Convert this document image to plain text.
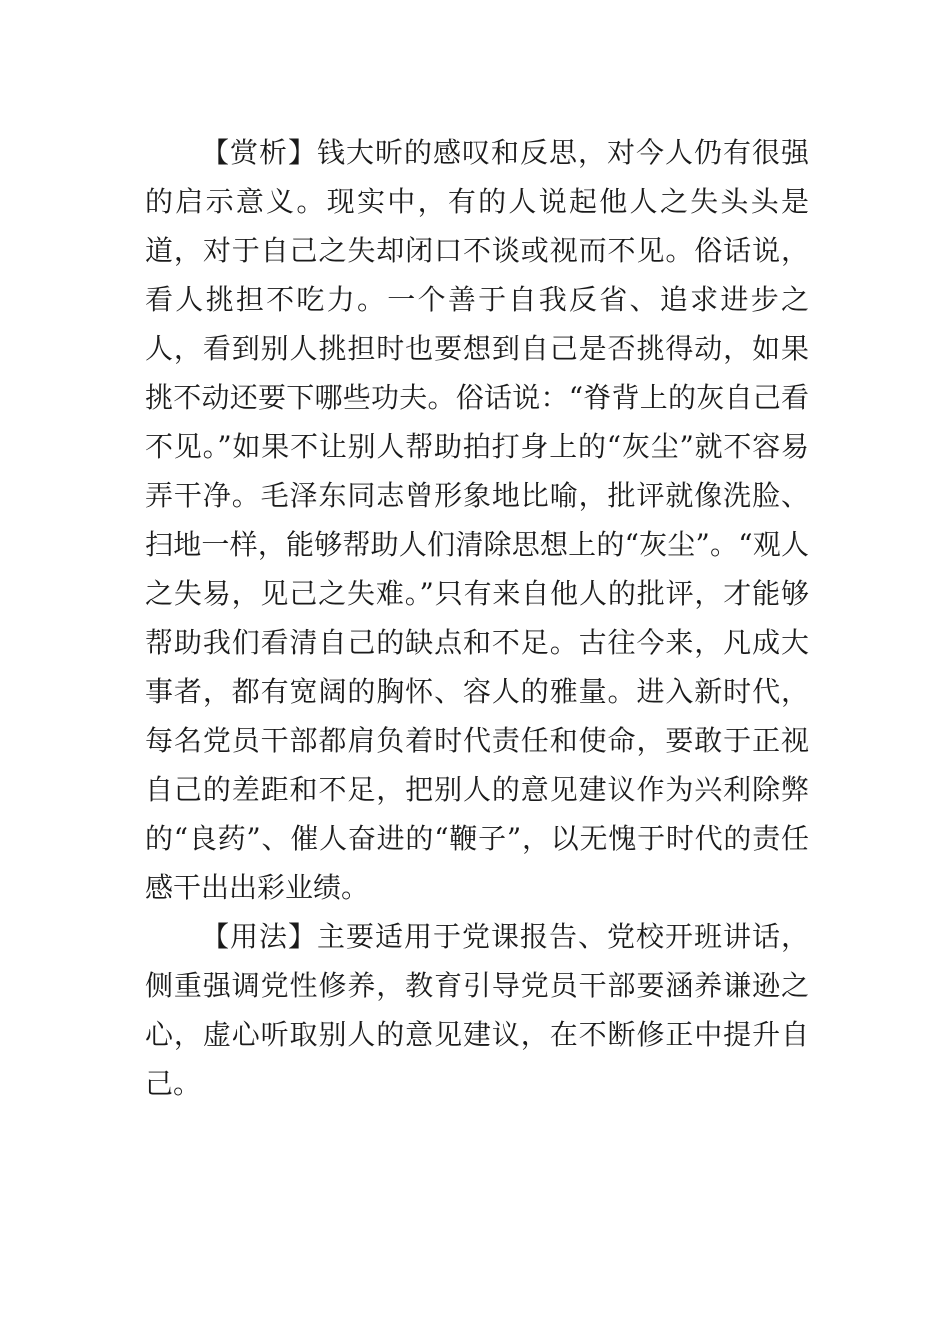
【赏析】钱大昕的感叹和反思，对今人仍有很强的启示意义。现实中，有的人说起他人之失头头是道，对于自己之失却闭口不谈或视而不见。俗话说，看人挑担不吃力。一个善于自我反省、追求进步之人，看到别人挑担时也要想到自己是否挑得动，如果挑不动还要下哪些功夫。俗话说：“脊背上的灰自己看不见。”如果不让别人帮助拍打身上的“灰尘”就不容易弄干净。毛泽东同志曾形象地比喻，批评就像洗脸、扫地一样，能够帮助人们清除思想上的“灰尘”。“观人之失易，见己之失难。”只有来自他人的批评，才能够帮助我们看清自己的缺点和不足。古往今来，凡成大事者，都有宽阔的胸怀、容人的雅量。进入新时代，每名党员干部都肩负着时代责任和使命，要敢于正视自己的差距和不足，把别人的意见建议作为兴利除弊的“良药”、催人奋进的“鞭子”，以无愧于时代的责任感干出出彩业绩。

【用法】主要适用于党课报告、党校开班讲话，侧重强调党性修养，教育引导党员干部要涵养谦逊之心，虚心听取别人的意见建议，在不断修正中提升自己。
